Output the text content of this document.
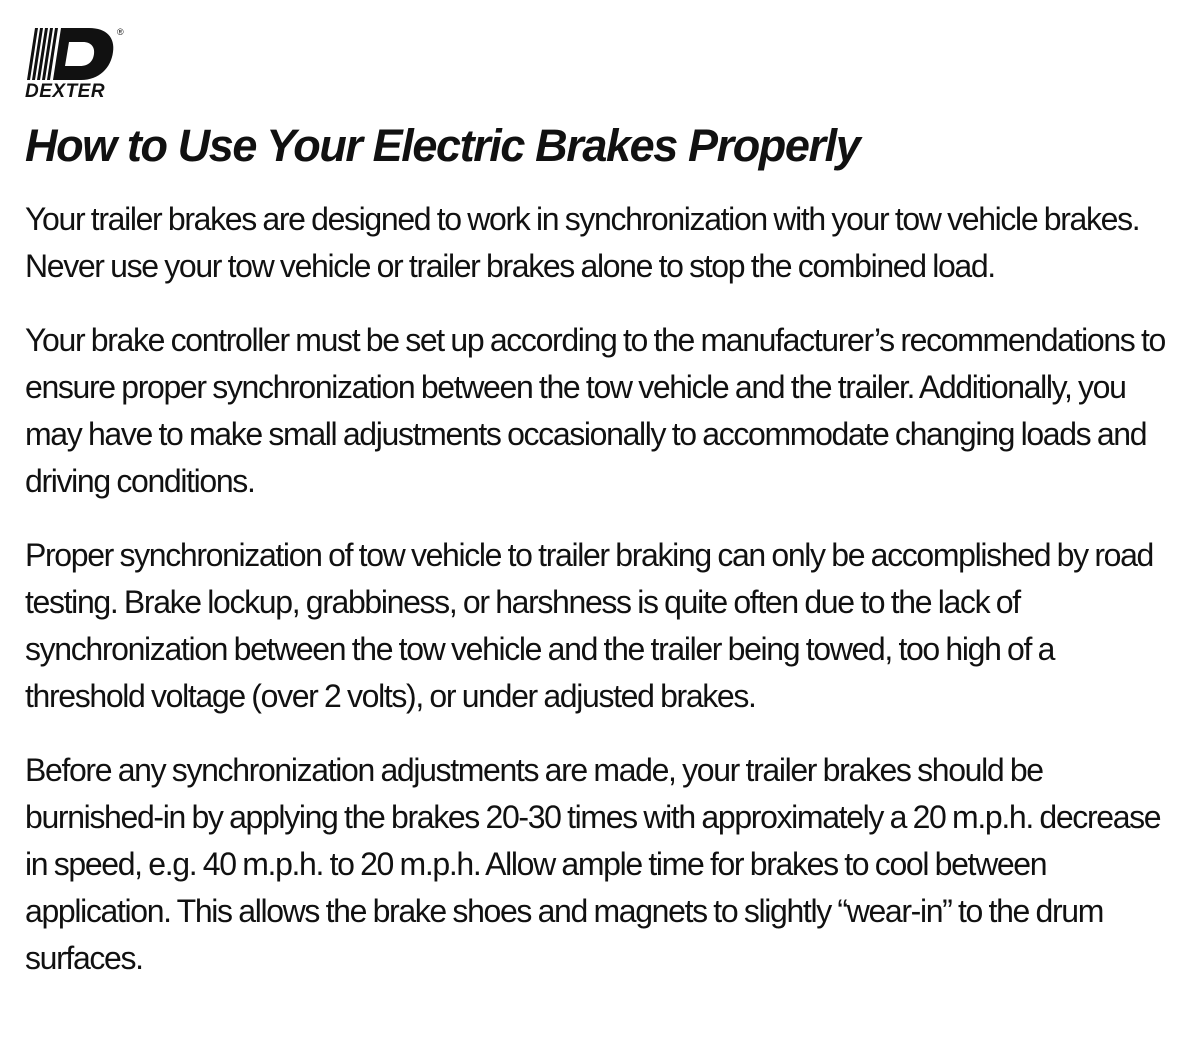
®
DEXTER
How to Use Your Electric Brakes Properly

Your trailer brakes are designed to work in synchronization with your tow vehicle brakes. Never use your tow vehicle or trailer brakes alone to stop the combined load.

Your brake controller must be set up according to the manufacturer’s recommendations to ensure proper synchronization between the tow vehicle and the trailer. Additionally, you may have to make small adjustments occasionally to accommodate changing loads and driving conditions.

Proper synchronization of tow vehicle to trailer braking can only be accomplished by road testing. Brake lockup, grabbiness, or harshness is quite often due to the lack of synchronization between the tow vehicle and the trailer being towed, too high of a threshold voltage (over 2 volts), or under adjusted brakes.

Before any synchronization adjustments are made, your trailer brakes should be burnished-in by applying the brakes 20-30 times with approximately a 20 m.p.h. decrease in speed, e.g. 40 m.p.h. to 20 m.p.h. Allow ample time for brakes to cool between application. This allows the brake shoes and magnets to slightly “wear-in” to the drum surfaces.
